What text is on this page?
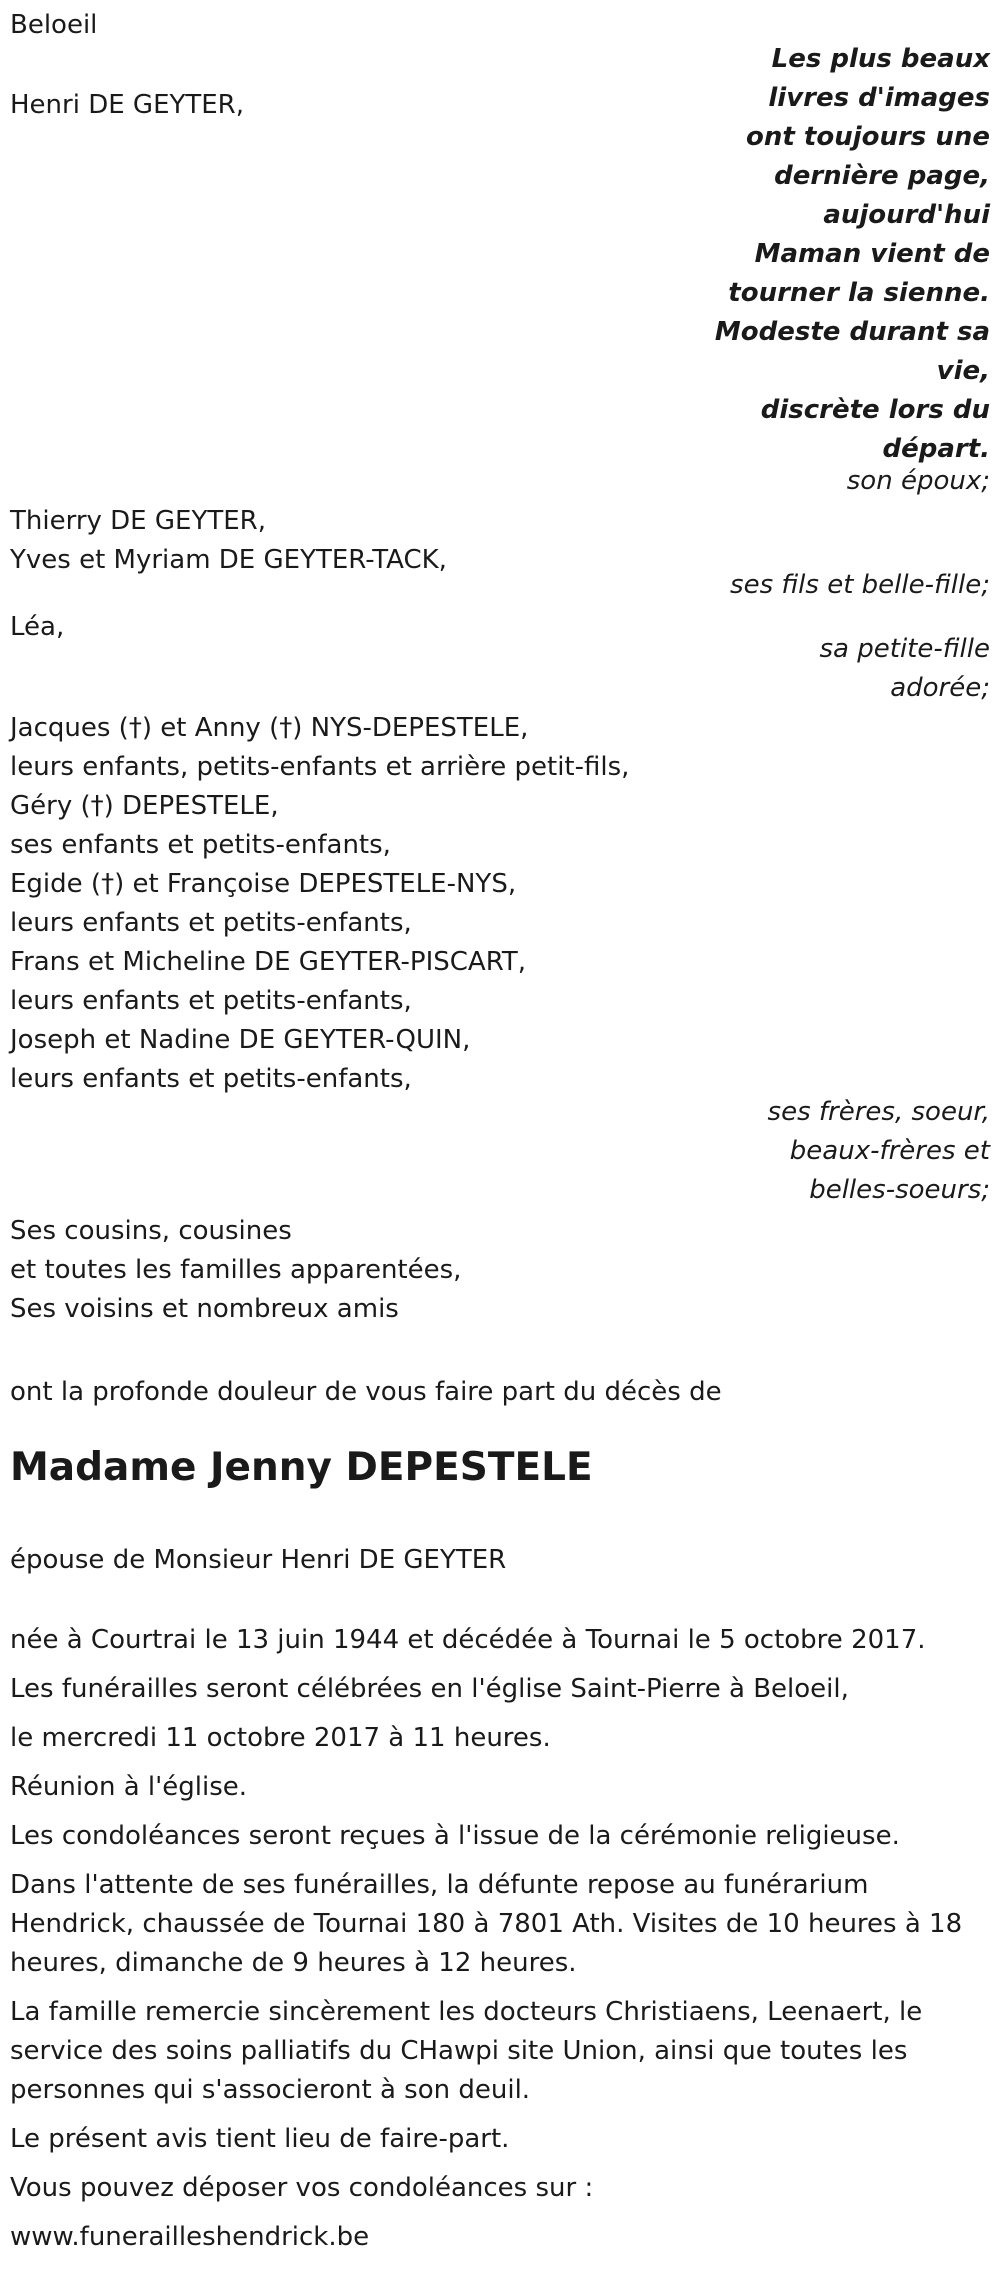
Beloeil
Les plus beaux
livres d'images
ont toujours une
dernière page,
aujourd'hui
Maman vient de
tourner la sienne.
Modeste durant sa
vie,
discrète lors du
départ.
Henri DE GEYTER,
son époux;
Thierry DE GEYTER,
Yves et Myriam DE GEYTER-TACK,
ses fils et belle-fille;
Léa,
sa petite-fille
adorée;
Jacques (†) et Anny (†) NYS-DEPESTELE,
leurs enfants, petits-enfants et arrière petit-fils,
Géry (†) DEPESTELE,
ses enfants et petits-enfants,
Egide (†) et Françoise DEPESTELE-NYS,
leurs enfants et petits-enfants,
Frans et Micheline DE GEYTER-PISCART,
leurs enfants et petits-enfants,
Joseph et Nadine DE GEYTER-QUIN,
leurs enfants et petits-enfants,
ses frères, soeur,
beaux-frères et
belles-soeurs;
Ses cousins, cousines
et toutes les familles apparentées,
Ses voisins et nombreux amis
ont la profonde douleur de vous faire part du décès de
Madame Jenny DEPESTELE
épouse de Monsieur Henri DE GEYTER
née à Courtrai le 13 juin 1944 et décédée à Tournai le 5 octobre 2017.
Les funérailles seront célébrées en l'église Saint-Pierre à Beloeil,
le mercredi 11 octobre 2017 à 11 heures.
Réunion à l'église.
Les condoléances seront reçues à l'issue de la cérémonie religieuse.
Dans l'attente de ses funérailles, la défunte repose au funérarium
Hendrick, chaussée de Tournai 180 à 7801 Ath. Visites de 10 heures à 18
heures, dimanche de 9 heures à 12 heures.
La famille remercie sincèrement les docteurs Christiaens, Leenaert, le
service des soins palliatifs du CHawpi site Union, ainsi que toutes les
personnes qui s'associeront à son deuil.
Le présent avis tient lieu de faire-part.
Vous pouvez déposer vos condoléances sur :
www.funerailleshendrick.be
